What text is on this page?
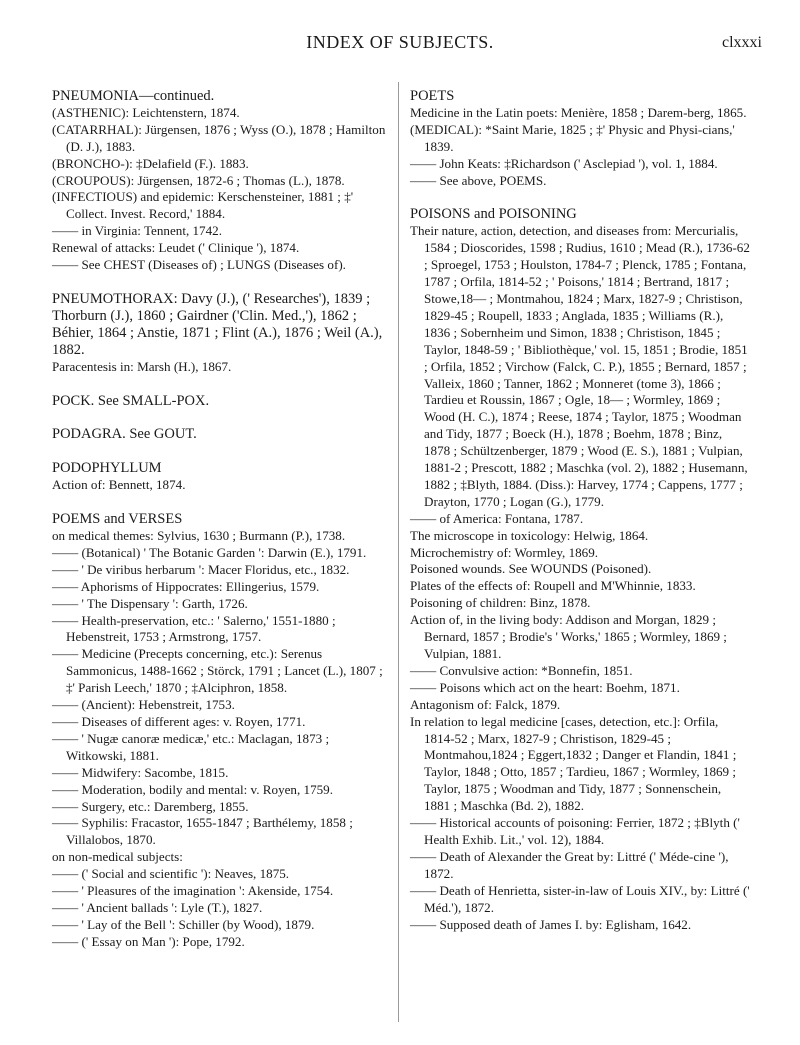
INDEX OF SUBJECTS.	clxxxi

PNEUMONIA—continued.

(ASTHENIC): Leichtenstern, 1874.

(CATARRHAL): Jürgensen, 1876 ; Wyss (O.), 1878 ; Hamilton (D. J.), 1883.

(BRONCHO-): ‡Delafield (F.). 1883.

(CROUPOUS): Jürgensen, 1872-6 ; Thomas (L.), 1878.

(INFECTIOUS) and epidemic: Kerschensteiner, 1881 ; ‡' Collect. Invest. Record,' 1884.

—— in Virginia: Tennent, 1742.

Renewal of attacks: Leudet (' Clinique '), 1874.

—— See CHEST (Diseases of) ; LUNGS (Diseases of).

PNEUMOTHORAX: Davy (J.), (' Researches'), 1839 ; Thorburn (J.), 1860 ; Gairdner ('Clin. Med.,'), 1862 ; Béhier, 1864 ; Anstie, 1871 ; Flint (A.), 1876 ; Weil (A.), 1882.

Paracentesis in: Marsh (H.), 1867.

POCK. See SMALL-POX.

PODAGRA. See GOUT.

PODOPHYLLUM

Action of: Bennett, 1874.

POEMS and VERSES

on medical themes: Sylvius, 1630 ; Burmann (P.), 1738.

—— (Botanical) ' The Botanic Garden ': Darwin (E.), 1791.

—— ' De viribus herbarum ': Macer Floridus, etc., 1832.

—— Aphorisms of Hippocrates: Ellingerius, 1579.

—— ' The Dispensary ': Garth, 1726.

—— Health-preservation, etc.: ' Salerno,' 1551-1880 ; Hebenstreit, 1753 ; Armstrong, 1757.

—— Medicine (Precepts concerning, etc.): Serenus Sammonicus, 1488-1662 ; Störck, 1791 ; Lancet (L.), 1807 ; ‡' Parish Leech,' 1870 ; ‡Alciphron, 1858.

—— (Ancient): Hebenstreit, 1753.

—— Diseases of different ages: v. Royen, 1771.

—— ' Nugæ canoræ medicæ,' etc.: Maclagan, 1873 ; Witkowski, 1881.

—— Midwifery: Sacombe, 1815.

—— Moderation, bodily and mental: v. Royen, 1759.

—— Surgery, etc.: Daremberg, 1855.

—— Syphilis: Fracastor, 1655-1847 ; Barthélemy, 1858 ; Villalobos, 1870.

on non-medical subjects:

—— (' Social and scientific '): Neaves, 1875.

—— ' Pleasures of the imagination ': Akenside, 1754.

—— ' Ancient ballads ': Lyle (T.), 1827.

—— ' Lay of the Bell ': Schiller (by Wood), 1879.

—— (' Essay on Man '): Pope, 1792.

POETS

Medicine in the Latin poets: Menière, 1858 ; Darem-berg, 1865.

(MEDICAL): *Saint Marie, 1825 ; ‡' Physic and Physi-cians,' 1839.

—— John Keats: ‡Richardson (' Asclepiad '), vol. 1, 1884.

—— See above, POEMS.

POISONS and POISONING

Their nature, action, detection, and diseases from: Mercurialis, 1584 ; Dioscorides, 1598 ; Rudius, 1610 ; Mead (R.), 1736-62 ; Sproegel, 1753 ; Houlston, 1784-7 ; Plenck, 1785 ; Fontana, 1787 ; Orfila, 1814-52 ; ' Poisons,' 1814 ; Bertrand, 1817 ; Stowe,18— ; Montmahou, 1824 ; Marx, 1827-9 ; Christison, 1829-45 ; Roupell, 1833 ; Anglada, 1835 ; Williams (R.), 1836 ; Sobernheim und Simon, 1838 ; Christison, 1845 ; Taylor, 1848-59 ; ' Bibliothèque,' vol. 15, 1851 ; Brodie, 1851 ; Orfila, 1852 ; Virchow (Falck, C. P.), 1855 ; Bernard, 1857 ; Valleix, 1860 ; Tanner, 1862 ; Monneret (tome 3), 1866 ; Tardieu et Roussin, 1867 ; Ogle, 18— ; Wormley, 1869 ; Wood (H. C.), 1874 ; Reese, 1874 ; Taylor, 1875 ; Woodman and Tidy, 1877 ; Boeck (H.), 1878 ; Boehm, 1878 ; Binz, 1878 ; Schültzenberger, 1879 ; Wood (E. S.), 1881 ; Vulpian, 1881-2 ; Prescott, 1882 ; Maschka (vol. 2), 1882 ; Husemann, 1882 ; ‡Blyth, 1884. (Diss.): Harvey, 1774 ; Cappens, 1777 ; Drayton, 1770 ; Logan (G.), 1779.

—— of America: Fontana, 1787.

The microscope in toxicology: Helwig, 1864.

Microchemistry of: Wormley, 1869.

Poisoned wounds. See WOUNDS (Poisoned).

Plates of the effects of: Roupell and M'Whinnie, 1833.

Poisoning of children: Binz, 1878.

Action of, in the living body: Addison and Morgan, 1829 ; Bernard, 1857 ; Brodie's ' Works,' 1865 ; Wormley, 1869 ; Vulpian, 1881.

—— Convulsive action: *Bonnefin, 1851.

—— Poisons which act on the heart: Boehm, 1871.

Antagonism of: Falck, 1879.

In relation to legal medicine [cases, detection, etc.]: Orfila, 1814-52 ; Marx, 1827-9 ; Christison, 1829-45 ; Montmahou,1824 ; Eggert,1832 ; Danger et Flandin, 1841 ; Taylor, 1848 ; Otto, 1857 ; Tardieu, 1867 ; Wormley, 1869 ; Taylor, 1875 ; Woodman and Tidy, 1877 ; Sonnenschein, 1881 ; Maschka (Bd. 2), 1882.

—— Historical accounts of poisoning: Ferrier, 1872 ; ‡Blyth (' Health Exhib. Lit.,' vol. 12), 1884.

—— Death of Alexander the Great by: Littré (' Méde-cine '), 1872.

—— Death of Henrietta, sister-in-law of Louis XIV., by: Littré (' Méd.'), 1872.

—— Supposed death of James I. by: Eglisham, 1642.
